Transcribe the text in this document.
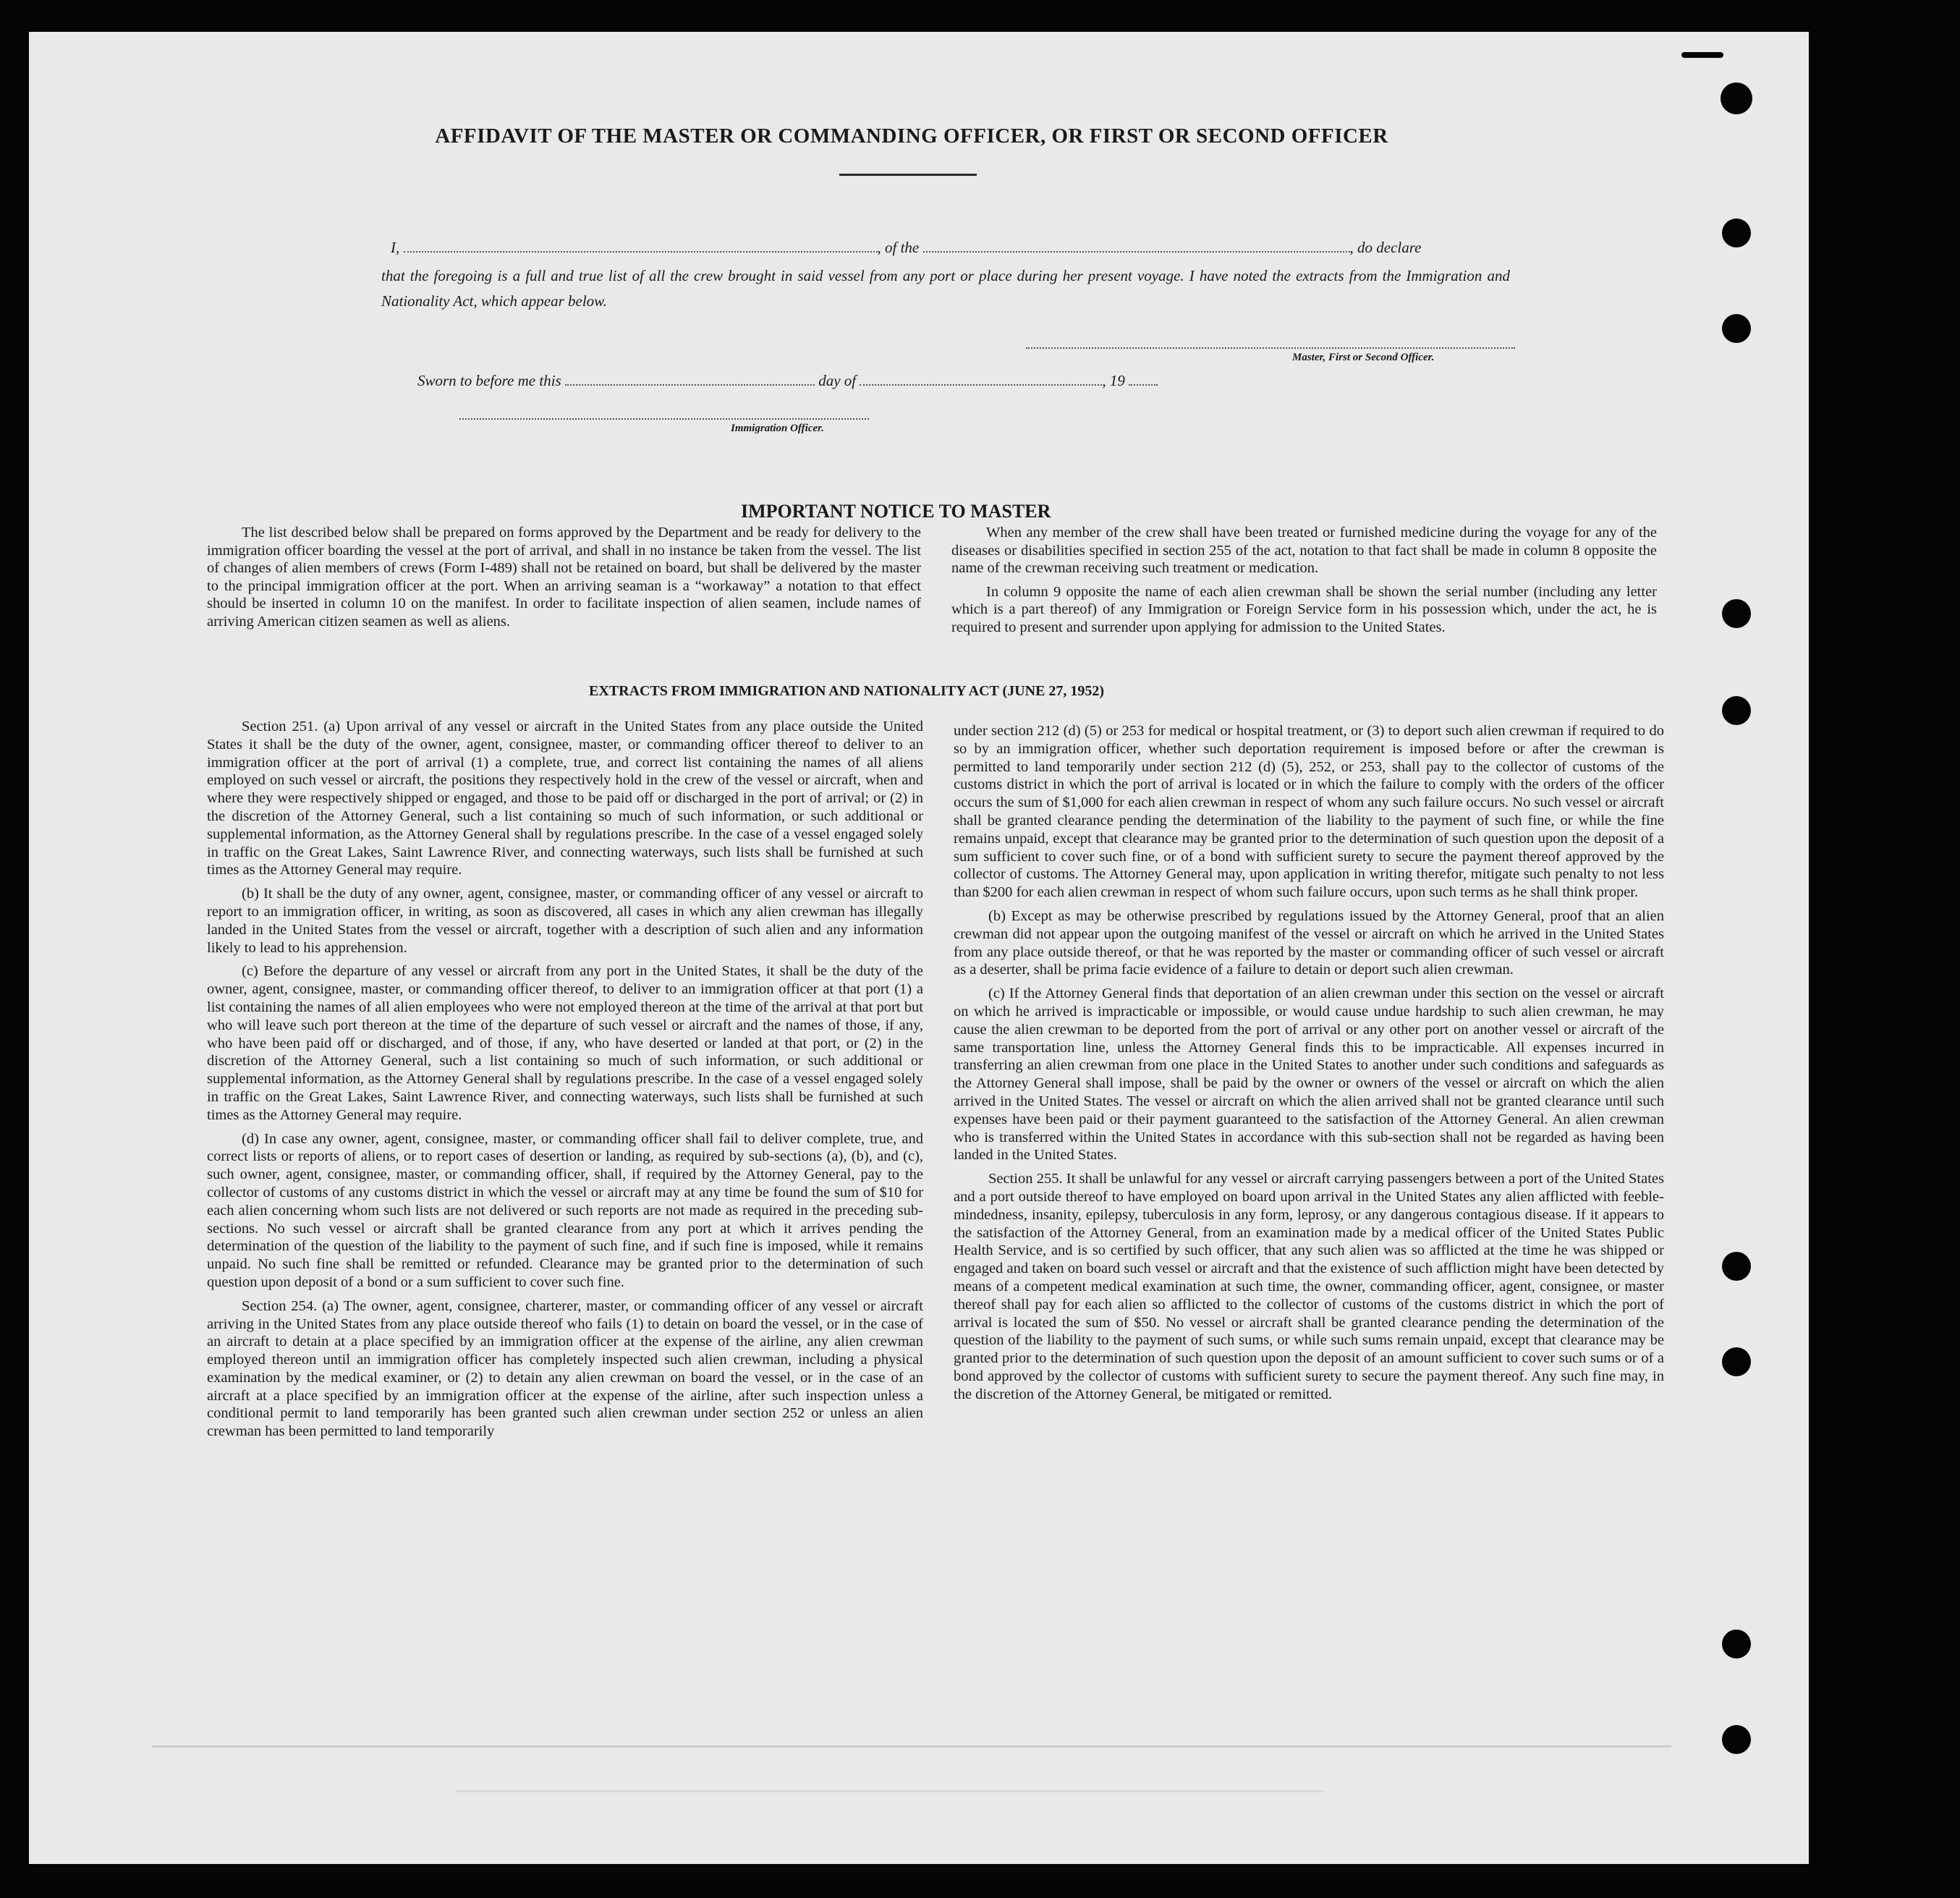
AFFIDAVIT OF THE MASTER OR COMMANDING OFFICER, OR FIRST OR SECOND OFFICER
I,	, of the	, do declare
that the foregoing is a full and true list of all the crew brought in said vessel from any port or place during her present voyage. I have noted the extracts from the Immigration and Nationality Act, which appear below.
Master, First or Second Officer.
Sworn to before me this	day of	, 19
Immigration Officer.
IMPORTANT NOTICE TO MASTER

The list described below shall be prepared on forms approved by the Department and be ready for delivery to the immigration officer boarding the vessel at the port of arrival, and shall in no instance be taken from the vessel. The list of changes of alien members of crews (Form I-489) shall not be retained on board, but shall be delivered by the master to the principal immigration officer at the port. When an arriving seaman is a “workaway” a notation to that effect should be inserted in column 10 on the manifest. In order to facilitate inspection of alien seamen, include names of arriving American citizen seamen as well as aliens.

When any member of the crew shall have been treated or furnished medicine during the voyage for any of the diseases or disabilities specified in section 255 of the act, notation to that fact shall be made in column 8 opposite the name of the crewman receiving such treatment or medication.

In column 9 opposite the name of each alien crewman shall be shown the serial number (including any letter which is a part thereof) of any Immigration or Foreign Service form in his possession which, under the act, he is required to present and surrender upon applying for admission to the United States.

EXTRACTS FROM IMMIGRATION AND NATIONALITY ACT (JUNE 27, 1952)

Section 251. (a) Upon arrival of any vessel or aircraft in the United States from any place outside the United States it shall be the duty of the owner, agent, consignee, master, or commanding officer thereof to deliver to an immigration officer at the port of arrival (1) a complete, true, and correct list containing the names of all aliens employed on such vessel or aircraft, the positions they respectively hold in the crew of the vessel or aircraft, when and where they were respectively shipped or engaged, and those to be paid off or discharged in the port of arrival; or (2) in the discretion of the Attorney General, such a list containing so much of such information, or such additional or supplemental information, as the Attorney General shall by regulations prescribe. In the case of a vessel engaged solely in traffic on the Great Lakes, Saint Lawrence River, and connecting waterways, such lists shall be furnished at such times as the Attorney General may require.

(b) It shall be the duty of any owner, agent, consignee, master, or commanding officer of any vessel or aircraft to report to an immigration officer, in writing, as soon as discovered, all cases in which any alien crewman has illegally landed in the United States from the vessel or aircraft, together with a description of such alien and any information likely to lead to his apprehension.

(c) Before the departure of any vessel or aircraft from any port in the United States, it shall be the duty of the owner, agent, consignee, master, or commanding officer thereof, to deliver to an immigration officer at that port (1) a list containing the names of all alien employees who were not employed thereon at the time of the arrival at that port but who will leave such port thereon at the time of the departure of such vessel or aircraft and the names of those, if any, who have been paid off or discharged, and of those, if any, who have deserted or landed at that port, or (2) in the discretion of the Attorney General, such a list containing so much of such information, or such additional or supplemental information, as the Attorney General shall by regulations prescribe. In the case of a vessel engaged solely in traffic on the Great Lakes, Saint Lawrence River, and connecting waterways, such lists shall be furnished at such times as the Attorney General may require.

(d) In case any owner, agent, consignee, master, or commanding officer shall fail to deliver complete, true, and correct lists or reports of aliens, or to report cases of desertion or landing, as required by sub-sections (a), (b), and (c), such owner, agent, consignee, master, or commanding officer, shall, if required by the Attorney General, pay to the collector of customs of any customs district in which the vessel or aircraft may at any time be found the sum of $10 for each alien concerning whom such lists are not delivered or such reports are not made as required in the preceding sub-sections. No such vessel or aircraft shall be granted clearance from any port at which it arrives pending the determination of the question of the liability to the payment of such fine, and if such fine is imposed, while it remains unpaid. No such fine shall be remitted or refunded. Clearance may be granted prior to the determination of such question upon deposit of a bond or a sum sufficient to cover such fine.

Section 254. (a) The owner, agent, consignee, charterer, master, or commanding officer of any vessel or aircraft arriving in the United States from any place outside thereof who fails (1) to detain on board the vessel, or in the case of an aircraft to detain at a place specified by an immigration officer at the expense of the airline, any alien crewman employed thereon until an immigration officer has completely inspected such alien crewman, including a physical examination by the medical examiner, or (2) to detain any alien crewman on board the vessel, or in the case of an aircraft at a place specified by an immigration officer at the expense of the airline, after such inspection unless a conditional permit to land temporarily has been granted such alien crewman under section 252 or unless an alien crewman has been permitted to land temporarily

under section 212 (d) (5) or 253 for medical or hospital treatment, or (3) to deport such alien crewman if required to do so by an immigration officer, whether such deportation requirement is imposed before or after the crewman is permitted to land temporarily under section 212 (d) (5), 252, or 253, shall pay to the collector of customs of the customs district in which the port of arrival is located or in which the failure to comply with the orders of the officer occurs the sum of $1,000 for each alien crewman in respect of whom any such failure occurs. No such vessel or aircraft shall be granted clearance pending the determination of the liability to the payment of such fine, or while the fine remains unpaid, except that clearance may be granted prior to the determination of such question upon the deposit of a sum sufficient to cover such fine, or of a bond with sufficient surety to secure the payment thereof approved by the collector of customs. The Attorney General may, upon application in writing therefor, mitigate such penalty to not less than $200 for each alien crewman in respect of whom such failure occurs, upon such terms as he shall think proper.

(b) Except as may be otherwise prescribed by regulations issued by the Attorney General, proof that an alien crewman did not appear upon the outgoing manifest of the vessel or aircraft on which he arrived in the United States from any place outside thereof, or that he was reported by the master or commanding officer of such vessel or aircraft as a deserter, shall be prima facie evidence of a failure to detain or deport such alien crewman.

(c) If the Attorney General finds that deportation of an alien crewman under this section on the vessel or aircraft on which he arrived is impracticable or impossible, or would cause undue hardship to such alien crewman, he may cause the alien crewman to be deported from the port of arrival or any other port on another vessel or aircraft of the same transportation line, unless the Attorney General finds this to be impracticable. All expenses incurred in transferring an alien crewman from one place in the United States to another under such conditions and safeguards as the Attorney General shall impose, shall be paid by the owner or owners of the vessel or aircraft on which the alien arrived in the United States. The vessel or aircraft on which the alien arrived shall not be granted clearance until such expenses have been paid or their payment guaranteed to the satisfaction of the Attorney General. An alien crewman who is transferred within the United States in accordance with this sub-section shall not be regarded as having been landed in the United States.

Section 255. It shall be unlawful for any vessel or aircraft carrying passengers between a port of the United States and a port outside thereof to have employed on board upon arrival in the United States any alien afflicted with feeble-mindedness, insanity, epilepsy, tuberculosis in any form, leprosy, or any dangerous contagious disease. If it appears to the satisfaction of the Attorney General, from an examination made by a medical officer of the United States Public Health Service, and is so certified by such officer, that any such alien was so afflicted at the time he was shipped or engaged and taken on board such vessel or aircraft and that the existence of such affliction might have been detected by means of a competent medical examination at such time, the owner, commanding officer, agent, consignee, or master thereof shall pay for each alien so afflicted to the collector of customs of the customs district in which the port of arrival is located the sum of $50. No vessel or aircraft shall be granted clearance pending the determination of the question of the liability to the payment of such sums, or while such sums remain unpaid, except that clearance may be granted prior to the determination of such question upon the deposit of an amount sufficient to cover such sums or of a bond approved by the collector of customs with sufficient surety to secure the payment thereof. Any such fine may, in the discretion of the Attorney General, be mitigated or remitted.
